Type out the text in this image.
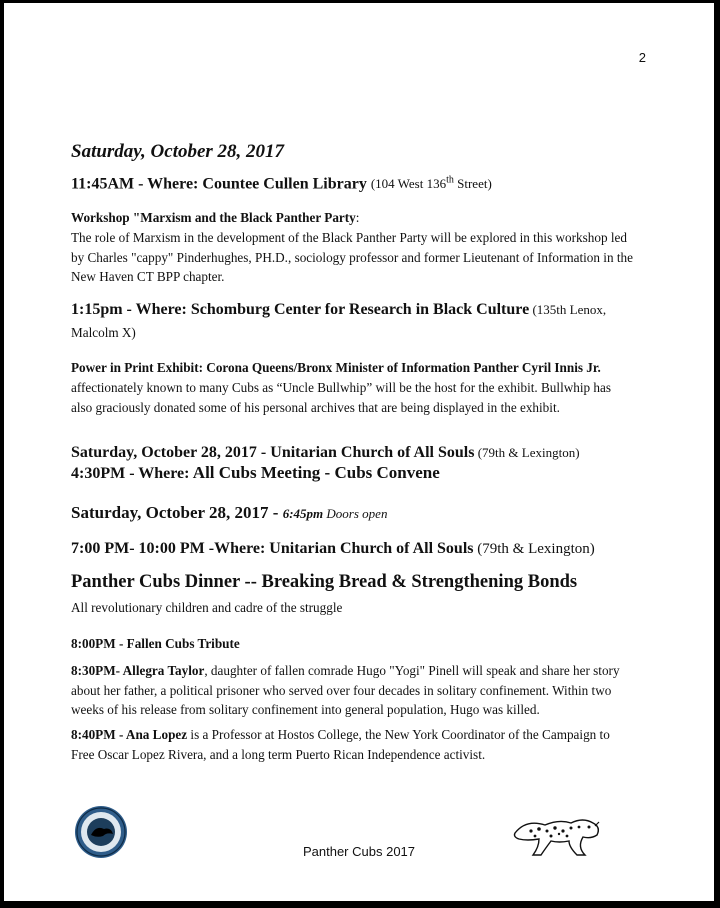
2
Saturday, October 28, 2017
11:45AM - Where: Countee Cullen Library (104 West 136th Street)
Workshop "Marxism and the Black Panther Party:
The role of Marxism in the development of the Black Panther Party will be explored in this workshop led
by Charles "cappy" Pinderhughes, PH.D., sociology professor and former Lieutenant of Information in the
New Haven CT BPP chapter.
1:15pm - Where: Schomburg Center for Research in Black Culture (135th Lenox,
Malcolm X)
Power in Print Exhibit: Corona Queens/Bronx Minister of Information Panther Cyril Innis Jr.
affectionately known to many Cubs as “Uncle Bullwhip” will be the host for the exhibit. Bullwhip has
also graciously donated some of his personal archives that are being displayed in the exhibit.
Saturday, October 28, 2017 - Unitarian Church of All Souls (79th & Lexington)
4:30PM - Where: All Cubs Meeting - Cubs Convene
Saturday, October 28, 2017 - 6:45pm Doors open
7:00 PM- 10:00 PM -Where: Unitarian Church of All Souls (79th & Lexington)
Panther Cubs Dinner -- Breaking Bread & Strengthening Bonds
All revolutionary children and cadre of the struggle
8:00PM - Fallen Cubs Tribute
8:30PM- Allegra Taylor, daughter of fallen comrade Hugo "Yogi" Pinell will speak and share her story
about her father, a political prisoner who served over four decades in solitary confinement. Within two
weeks of his release from solitary confinement into general population, Hugo was killed.
8:40PM - Ana Lopez is a Professor at Hostos College, the New York Coordinator of the Campaign to
Free Oscar Lopez Rivera, and a long term Puerto Rican Independence activist.
Panther Cubs 2017
